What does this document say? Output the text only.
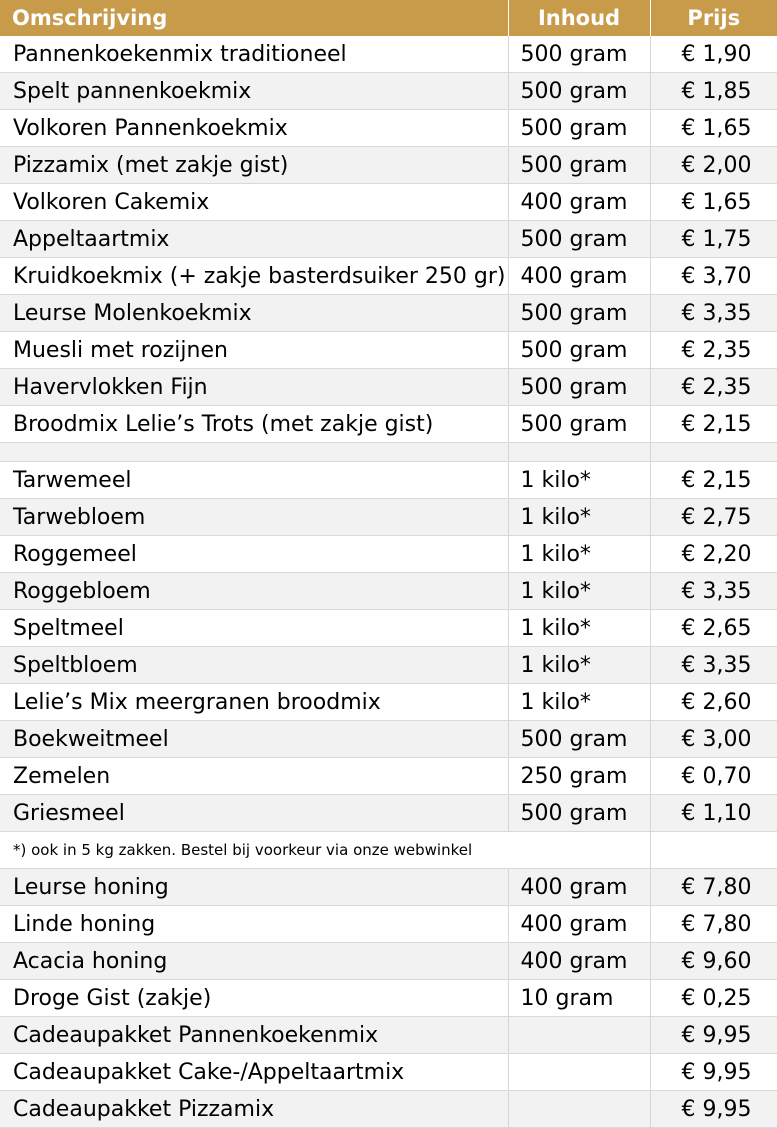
Omschrijving	Inhoud	Prijs
Pannenkoekenmix traditioneel	500 gram	€ 1,90
Spelt pannenkoekmix	500 gram	€ 1,85
Volkoren Pannenkoekmix	500 gram	€ 1,65
Pizzamix (met zakje gist)	500 gram	€ 2,00
Volkoren Cakemix	400 gram	€ 1,65
Appeltaartmix	500 gram	€ 1,75
Kruidkoekmix (+ zakje basterdsuiker 250 gr)	400 gram	€ 3,70
Leurse Molenkoekmix	500 gram	€ 3,35
Muesli met rozijnen	500 gram	€ 2,35
Havervlokken Fijn	500 gram	€ 2,35
Broodmix Lelie’s Trots (met zakje gist)	500 gram	€ 2,15

Tarwemeel	1 kilo*	€ 2,15
Tarwebloem	1 kilo*	€ 2,75
Roggemeel	1 kilo*	€ 2,20
Roggebloem	1 kilo*	€ 3,35
Speltmeel	1 kilo*	€ 2,65
Speltbloem	1 kilo*	€ 3,35
Lelie’s Mix meergranen broodmix	1 kilo*	€ 2,60
Boekweitmeel	500 gram	€ 3,00
Zemelen	250 gram	€ 0,70
Griesmeel	500 gram	€ 1,10
*) ook in 5 kg zakken. Bestel bij voorkeur via onze webwinkel		
Leurse honing	400 gram	€ 7,80
Linde honing	400 gram	€ 7,80
Acacia honing	400 gram	€ 9,60
Droge Gist (zakje)	10 gram	€ 0,25
Cadeaupakket Pannenkoekenmix		€ 9,95
Cadeaupakket Cake-/Appeltaartmix		€ 9,95
Cadeaupakket Pizzamix		€ 9,95
